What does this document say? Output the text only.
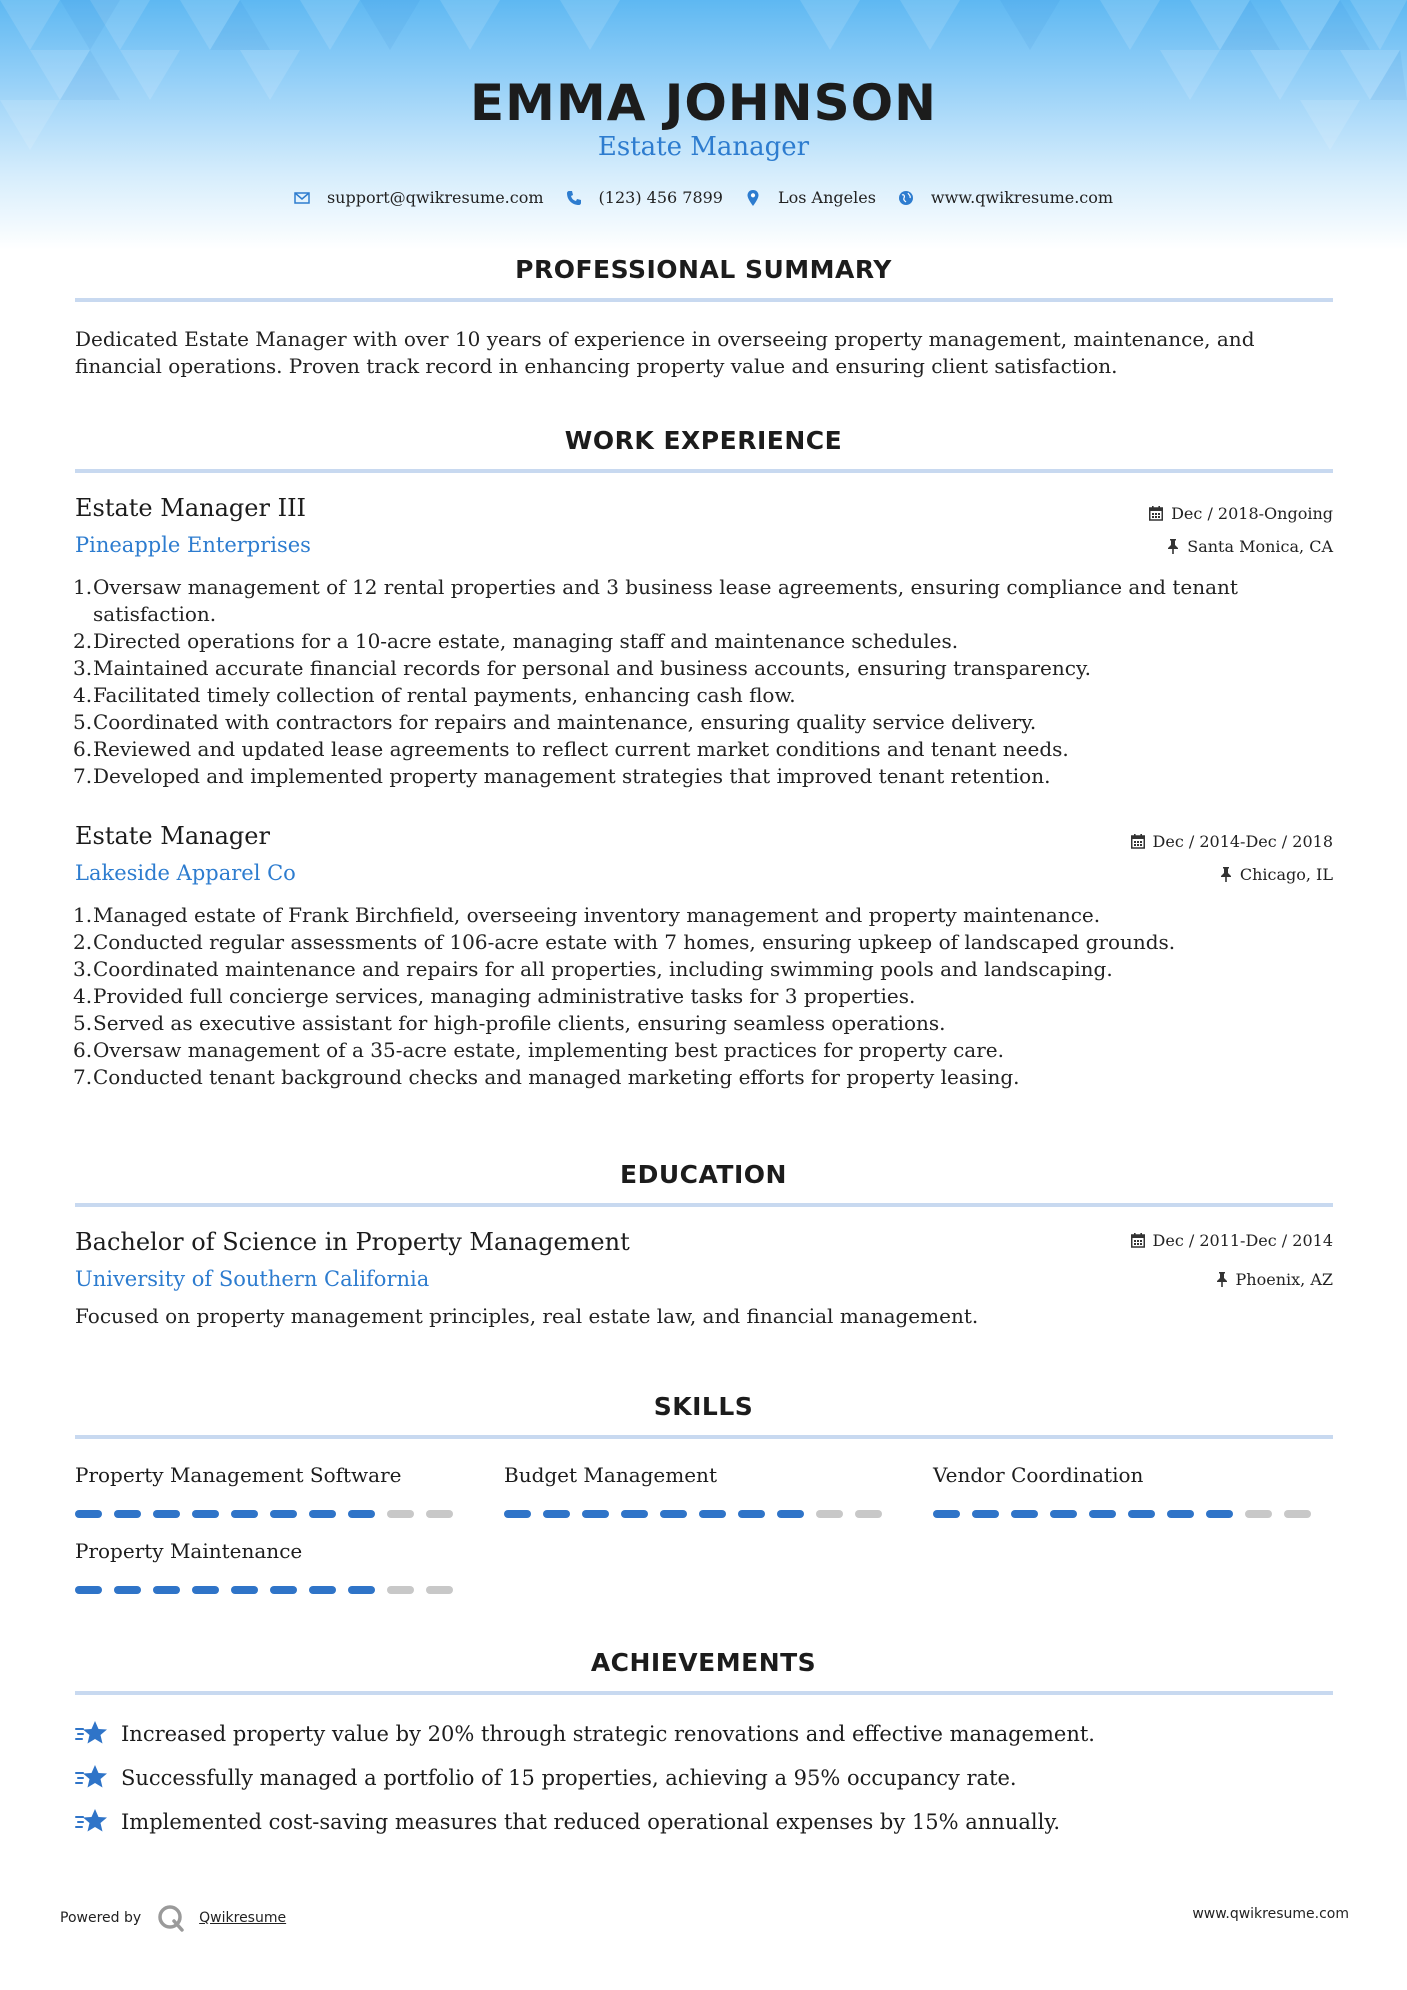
EMMA JOHNSON
Estate Manager
support@qwikresume.com	(123) 456 7899	Los Angeles	www.qwikresume.com
PROFESSIONAL SUMMARY
Dedicated Estate Manager with over 10 years of experience in overseeing property management, maintenance, and financial operations. Proven track record in enhancing property value and ensuring client satisfaction.
WORK EXPERIENCE
Estate Manager III
Pineapple Enterprises
Dec / 2018-Ongoing
Santa Monica, CA
1. Oversaw management of 12 rental properties and 3 business lease agreements, ensuring compliance and tenant satisfaction.
2. Directed operations for a 10-acre estate, managing staff and maintenance schedules.
3. Maintained accurate financial records for personal and business accounts, ensuring transparency.
4. Facilitated timely collection of rental payments, enhancing cash flow.
5. Coordinated with contractors for repairs and maintenance, ensuring quality service delivery.
6. Reviewed and updated lease agreements to reflect current market conditions and tenant needs.
7. Developed and implemented property management strategies that improved tenant retention.
Estate Manager
Lakeside Apparel Co
Dec / 2014-Dec / 2018
Chicago, IL
1. Managed estate of Frank Birchfield, overseeing inventory management and property maintenance.
2. Conducted regular assessments of 106-acre estate with 7 homes, ensuring upkeep of landscaped grounds.
3. Coordinated maintenance and repairs for all properties, including swimming pools and landscaping.
4. Provided full concierge services, managing administrative tasks for 3 properties.
5. Served as executive assistant for high-profile clients, ensuring seamless operations.
6. Oversaw management of a 35-acre estate, implementing best practices for property care.
7. Conducted tenant background checks and managed marketing efforts for property leasing.
EDUCATION
Bachelor of Science in Property Management
University of Southern California
Dec / 2011-Dec / 2014
Phoenix, AZ
Focused on property management principles, real estate law, and financial management.
SKILLS
Property Management Software	Budget Management	Vendor Coordination
Property Maintenance
ACHIEVEMENTS
Increased property value by 20% through strategic renovations and effective management.
Successfully managed a portfolio of 15 properties, achieving a 95% occupancy rate.
Implemented cost-saving measures that reduced operational expenses by 15% annually.
Powered by	Qwikresume	www.qwikresume.com
